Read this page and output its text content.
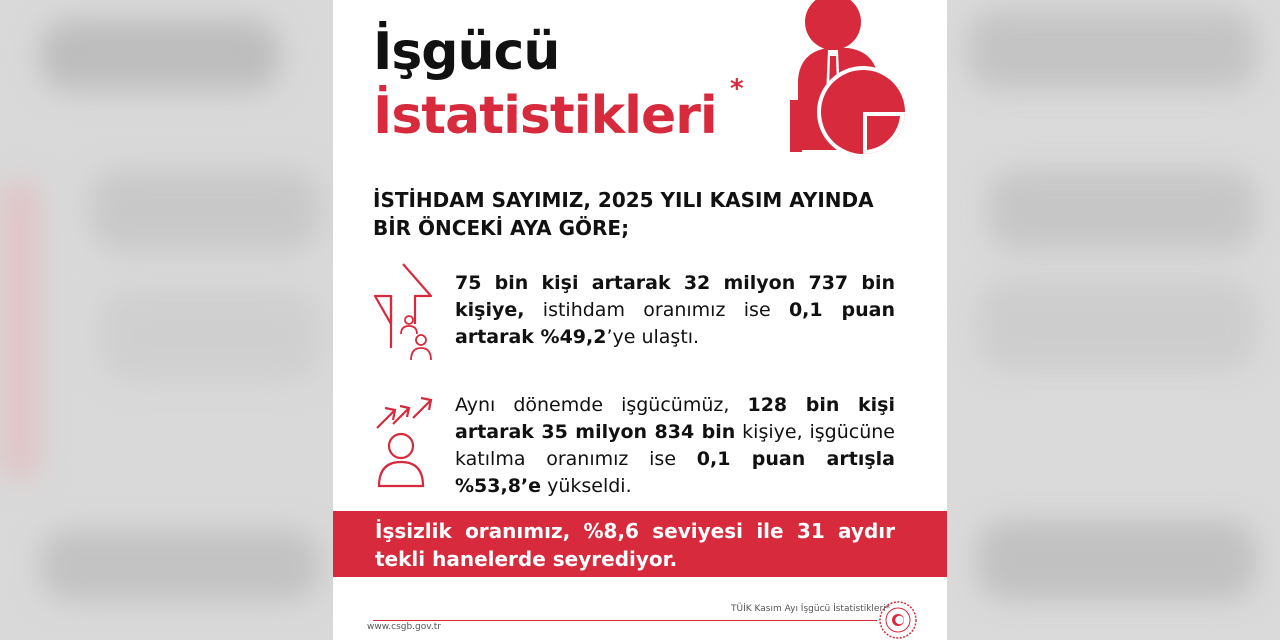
İşgücü
İstatistikleri *
İSTİHDAM SAYIMIZ, 2025 YILI KASIM AYINDA
BİR ÖNCEKİ AYA GÖRE;
75 bin kişi artarak 32 milyon 737 bin kişiye, istihdam oranımız ise 0,1 puan artarak %49,2’ye ulaştı.
Aynı dönemde işgücümüz, 128 bin kişi artarak 35 milyon 834 bin kişiye, işgücüne katılma oranımız ise 0,1 puan artışla %53,8’e yükseldi.
İşsizlik oranımız, %8,6 seviyesi ile 31 aydır tekli hanelerde seyrediyor.
TÜİK Kasım Ayı İşgücü İstatistikleri*
www.csgb.gov.tr
